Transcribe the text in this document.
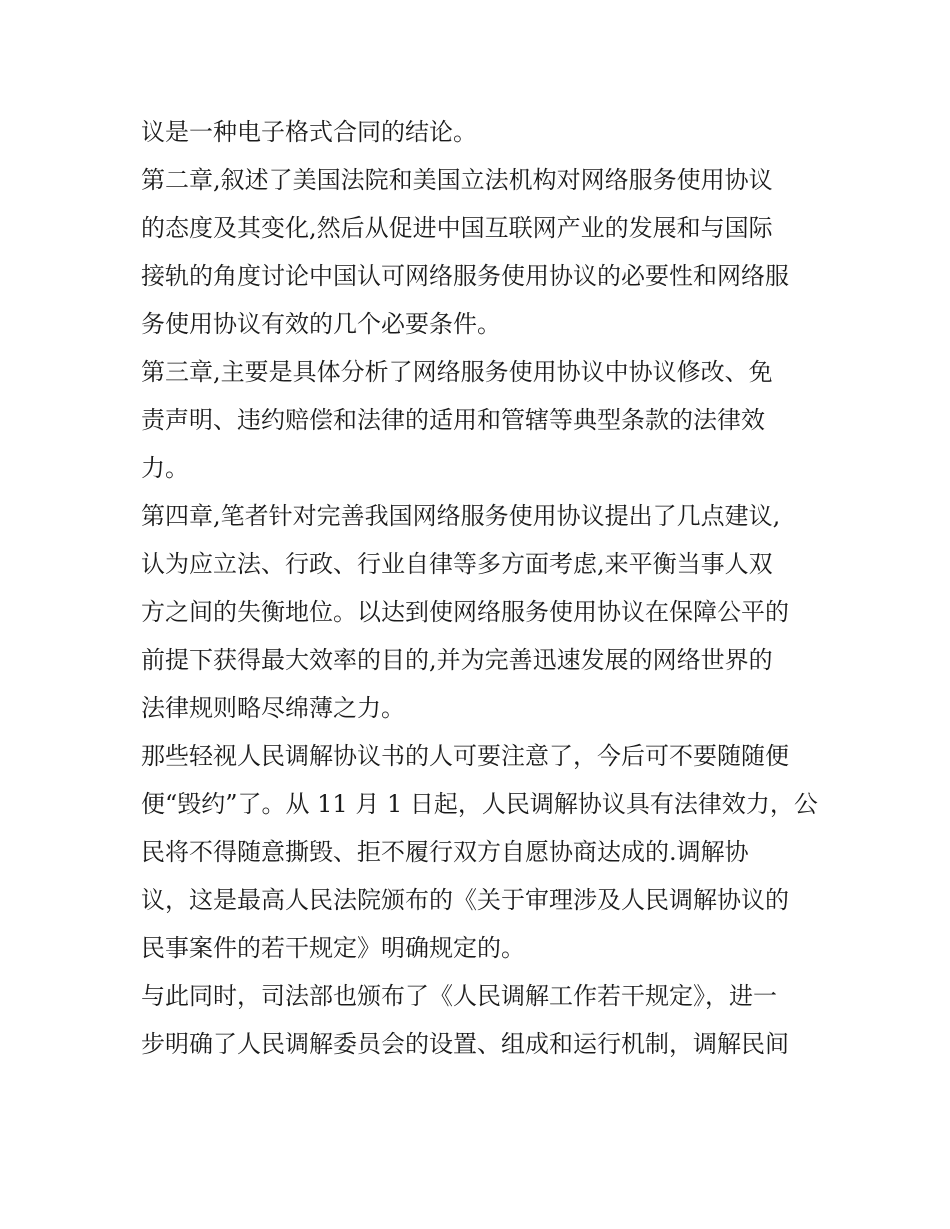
议是一种电子格式合同的结论。
第二章,叙述了美国法院和美国立法机构对网络服务使用协议
的态度及其变化,然后从促进中国互联网产业的发展和与国际
接轨的角度讨论中国认可网络服务使用协议的必要性和网络服
务使用协议有效的几个必要条件。
第三章,主要是具体分析了网络服务使用协议中协议修改、免
责声明、违约赔偿和法律的适用和管辖等典型条款的法律效
力。
第四章,笔者针对完善我国网络服务使用协议提出了几点建议,
认为应立法、行政、行业自律等多方面考虑,来平衡当事人双
方之间的失衡地位。以达到使网络服务使用协议在保障公平的
前提下获得最大效率的目的,并为完善迅速发展的网络世界的
法律规则略尽绵薄之力。
那些轻视人民调解协议书的人可要注意了，今后可不要随随便
便“毁约”了。从 11 月 1 日起，人民调解协议具有法律效力，公
民将不得随意撕毁、拒不履行双方自愿协商达成的.调解协
议，这是最高人民法院颁布的《关于审理涉及人民调解协议的
民事案件的若干规定》明确规定的。
与此同时，司法部也颁布了《人民调解工作若干规定》，进一
步明确了人民调解委员会的设置、组成和运行机制，调解民间
